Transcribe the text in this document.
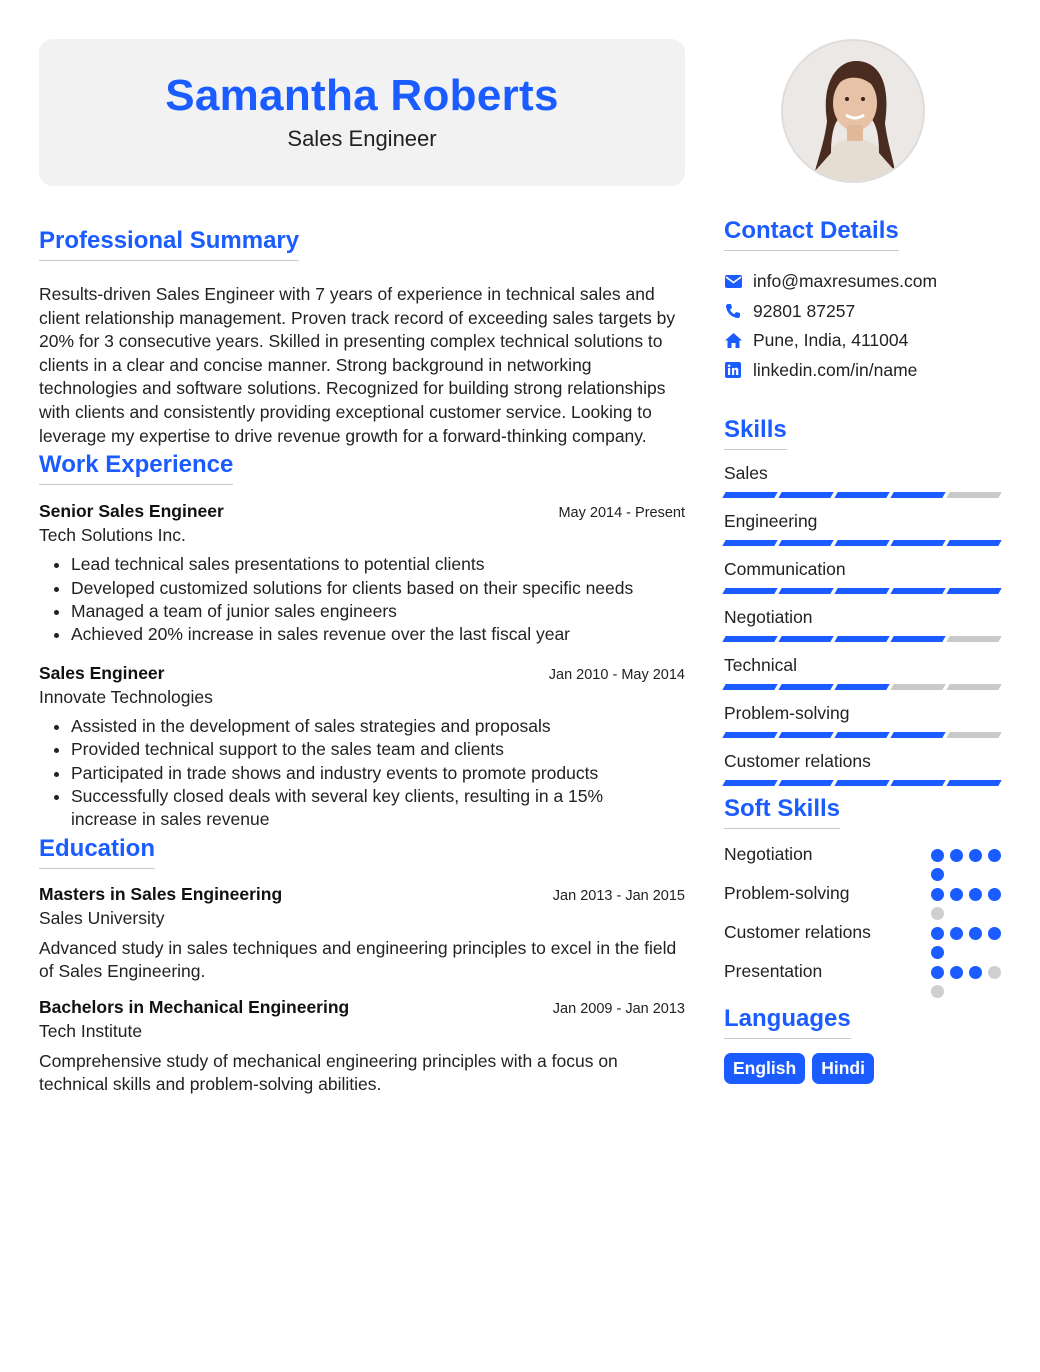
Samantha Roberts
Sales Engineer
Professional Summary

Results-driven Sales Engineer with 7 years of experience in technical sales and client relationship management. Proven track record of exceeding sales targets by 20% for 3 consecutive years. Skilled in presenting complex technical solutions to clients in a clear and concise manner. Strong background in networking technologies and software solutions. Recognized for building strong relationships with clients and consistently providing exceptional customer service. Looking to leverage my expertise to drive revenue growth for a forward-thinking company.

Work Experience
Senior Sales Engineer	May 2014 - Present
Tech Solutions Inc.
• Lead technical sales presentations to potential clients
• Developed customized solutions for clients based on their specific needs
• Managed a team of junior sales engineers
• Achieved 20% increase in sales revenue over the last fiscal year
Sales Engineer	Jan 2010 - May 2014
Innovate Technologies
• Assisted in the development of sales strategies and proposals
• Provided technical support to the sales team and clients
• Participated in trade shows and industry events to promote products
• Successfully closed deals with several key clients, resulting in a 15% increase in sales revenue
Education
Masters in Sales Engineering	Jan 2013 - Jan 2015
Sales University

Advanced study in sales techniques and engineering principles to excel in the field of Sales Engineering.

Bachelors in Mechanical Engineering	Jan 2009 - Jan 2013
Tech Institute

Comprehensive study of mechanical engineering principles with a focus on technical skills and problem-solving abilities.

Contact Details
info@maxresumes.com
92801 87257
Pune, India, 411004
linkedin.com/in/name
Skills
Sales
Engineering
Communication
Negotiation
Technical
Problem-solving
Customer relations
Soft Skills
Negotiation
Problem-solving
Customer relations
Presentation
Languages
English	Hindi
